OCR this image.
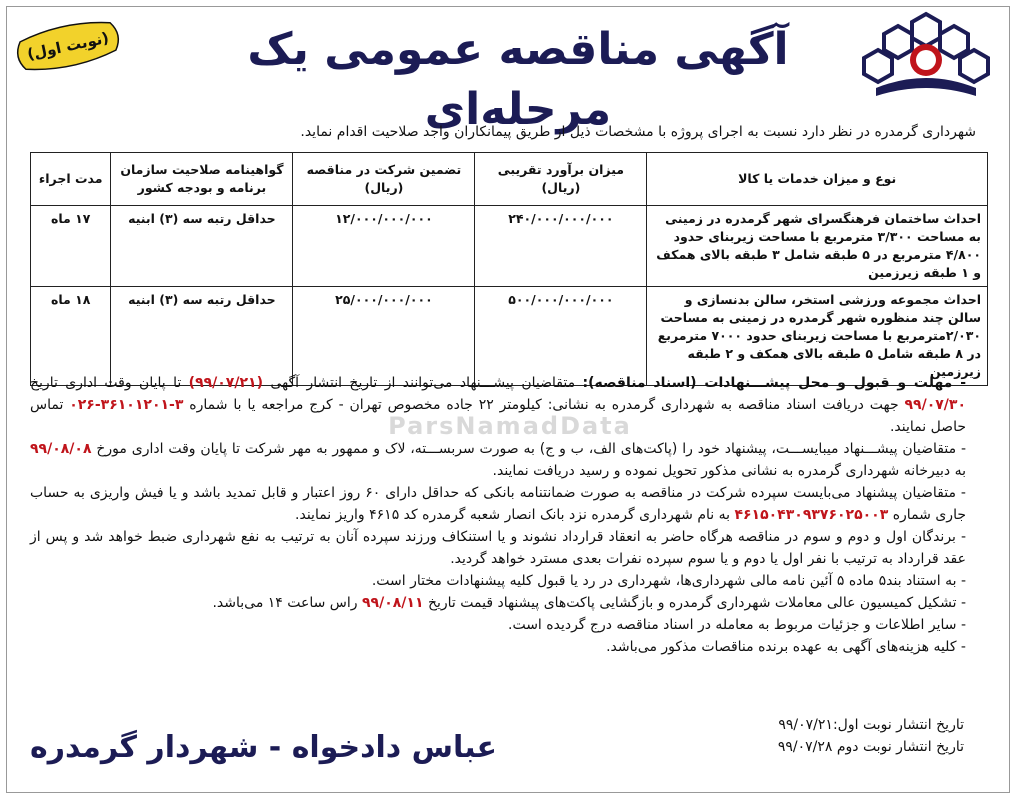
آگهی مناقصه عمومی یک مرحله‌ای
(نوبت اول)
شهرداری گرمدره در نظر دارد نسبت به اجرای پروژه با مشخصات ذیل از طریق پیمانکاران واجد صلاحیت اقدام نماید.
ParsNamadData
نوع و میزان خدمات یا کالا	میزان برآورد تقریبی (ریال)	تضمین شرکت در مناقصه (ریال)	گواهینامه صلاحیت سازمان برنامه و بودجه کشور	مدت اجراء
احداث ساختمان فرهنگسرای شهر گرمدره در زمینی به مساحت ۳/۳۰۰ مترمربع با مساحت زیربنای حدود ۴/۸۰۰ مترمربع در ۵ طبقه شامل ۳ طبقه بالای همکف و ۱ طبقه زیرزمین	۲۴۰/۰۰۰/۰۰۰/۰۰۰	۱۲/۰۰۰/۰۰۰/۰۰۰	حداقل رتبه سه (۳) ابنیه	۱۷ ماه
احداث مجموعه ورزشی استخر، سالن بدنسازی و سالن چند منظوره شهر گرمدره در زمینی به مساحت ۲/۰۳۰مترمربع با مساحت زیربنای حدود ۷۰۰۰ مترمربع در ۸ طبقه شامل ۵ طبقه بالای همکف و ۲ طبقه زیرزمین	۵۰۰/۰۰۰/۰۰۰/۰۰۰	۲۵/۰۰۰/۰۰۰/۰۰۰	حداقل رتبه سه (۳) ابنیه	۱۸ ماه

- مهلت و قبول و محل پیشـــنهادات (اسناد مناقصه): متقاضیان پیشـــنهاد می‌توانند از تاریخ انتشار آگهی (۹۹/۰۷/۲۱) تا پایان وقت اداری تاریخ ۹۹/۰۷/۳۰ جهت دریافت اسناد مناقصه به شهرداری گرمدره به نشانی: کیلومتر ۲۲ جاده مخصوص تهران - کرج مراجعه یا با شماره ۳-۳۶۱۰۱۲۰۱-۰۲۶ تماس حاصل نمایند.

- متقاضیان پیشـــنهاد میبایســـت، پیشنهاد خود را (پاکت‌های الف، ب و ج) به صورت سربســـته، لاک و ممهور به مهر شرکت تا پایان وقت اداری مورخ ۹۹/۰۸/۰۸ به دبیرخانه شهرداری گرمدره به نشانی مذکور تحویل نموده و رسید دریافت نمایند.

- متقاضیان پیشنهاد می‌بایست سپرده شرکت در مناقصه به صورت ضمانتنامه بانکی که حداقل دارای ۶۰ روز اعتبار و قابل تمدید باشد و یا فیش واریزی به حساب جاری شماره ۴۶۱۵۰۴۳۰۹۳۷۶۰۲۵۰۰۳ به نام شهرداری گرمدره نزد بانک انصار شعبه گرمدره کد ۴۶۱۵ واریز نمایند.

- برندگان اول و دوم و سوم در مناقصه هرگاه حاضر به انعقاد قرارداد نشوند و یا استنکاف ورزند سپرده آنان به ترتیب به نفع شهرداری ضبط خواهد شد و پس از عقد قرارداد به ترتیب با نفر اول یا دوم و یا سوم سپرده نفرات بعدی مسترد خواهد گردید.

- به استناد بند۵ ماده ۵ آئین نامه مالی شهرداری‌ها، شهرداری در رد یا قبول کلیه پیشنهادات مختار است.

- تشکیل کمیسیون عالی معاملات شهرداری گرمدره و بازگشایی پاکت‌های پیشنهاد قیمت تاریخ ۹۹/۰۸/۱۱ راس ساعت ۱۴ می‌باشد.

- سایر اطلاعات و جزئیات مربوط به معامله در اسناد مناقصه درج گردیده است.

- کلیه هزینه‌های آگهی به عهده برنده مناقصات مذکور می‌باشد.

تاریخ انتشار نوبت اول:۹۹/۰۷/۲۱
تاریخ انتشار نوبت دوم ۹۹/۰۷/۲۸
عباس دادخواه - شهردار گرمدره
